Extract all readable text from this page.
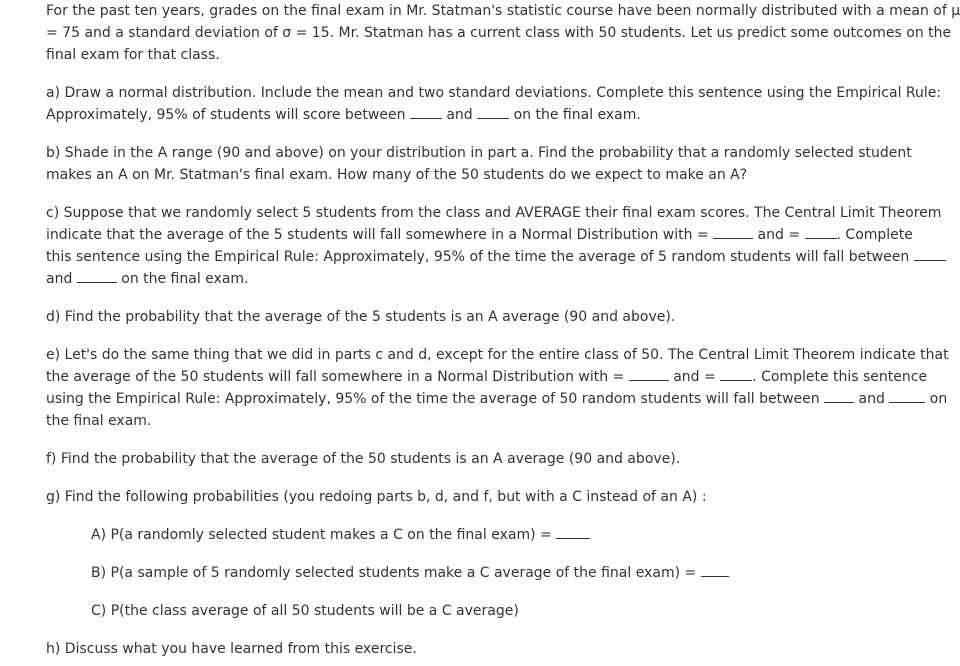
For the past ten years, grades on the final exam in Mr. Statman's statistic course have been normally distributed with a mean of μ
= 75 and a standard deviation of σ = 15. Mr. Statman has a current class with 50 students. Let us predict some outcomes on the
final exam for that class.

a) Draw a normal distribution. Include the mean and two standard deviations. Complete this sentence using the Empirical Rule:
Approximately, 95% of students will score between  and  on the final exam.

b) Shade in the A range (90 and above) on your distribution in part a. Find the probability that a randomly selected student
makes an A on Mr. Statman's final exam. How many of the 50 students do we expect to make an A?

c) Suppose that we randomly select 5 students from the class and AVERAGE their final exam scores. The Central Limit Theorem
indicate that the average of the 5 students will fall somewhere in a Normal Distribution with =	and = . Complete
this sentence using the Empirical Rule: Approximately, 95% of the time the average of 5 random students will fall between
and	on the final exam.

d) Find the probability that the average of the 5 students is an A average (90 and above).

e) Let's do the same thing that we did in parts c and d, except for the entire class of 50. The Central Limit Theorem indicate that
the average of the 50 students will fall somewhere in a Normal Distribution with =	and = . Complete this sentence
using the Empirical Rule: Approximately, 95% of the time the average of 50 random students will fall between  and	on
the final exam.

f) Find the probability that the average of the 50 students is an A average (90 and above).

g) Find the following probabilities (you redoing parts b, d, and f, but with a C instead of an A) :

A) P(a randomly selected student makes a C on the final exam) =

B) P(a sample of 5 randomly selected students make a C average of the final exam) =

C) P(the class average of all 50 students will be a C average)

h) Discuss what you have learned from this exercise.
